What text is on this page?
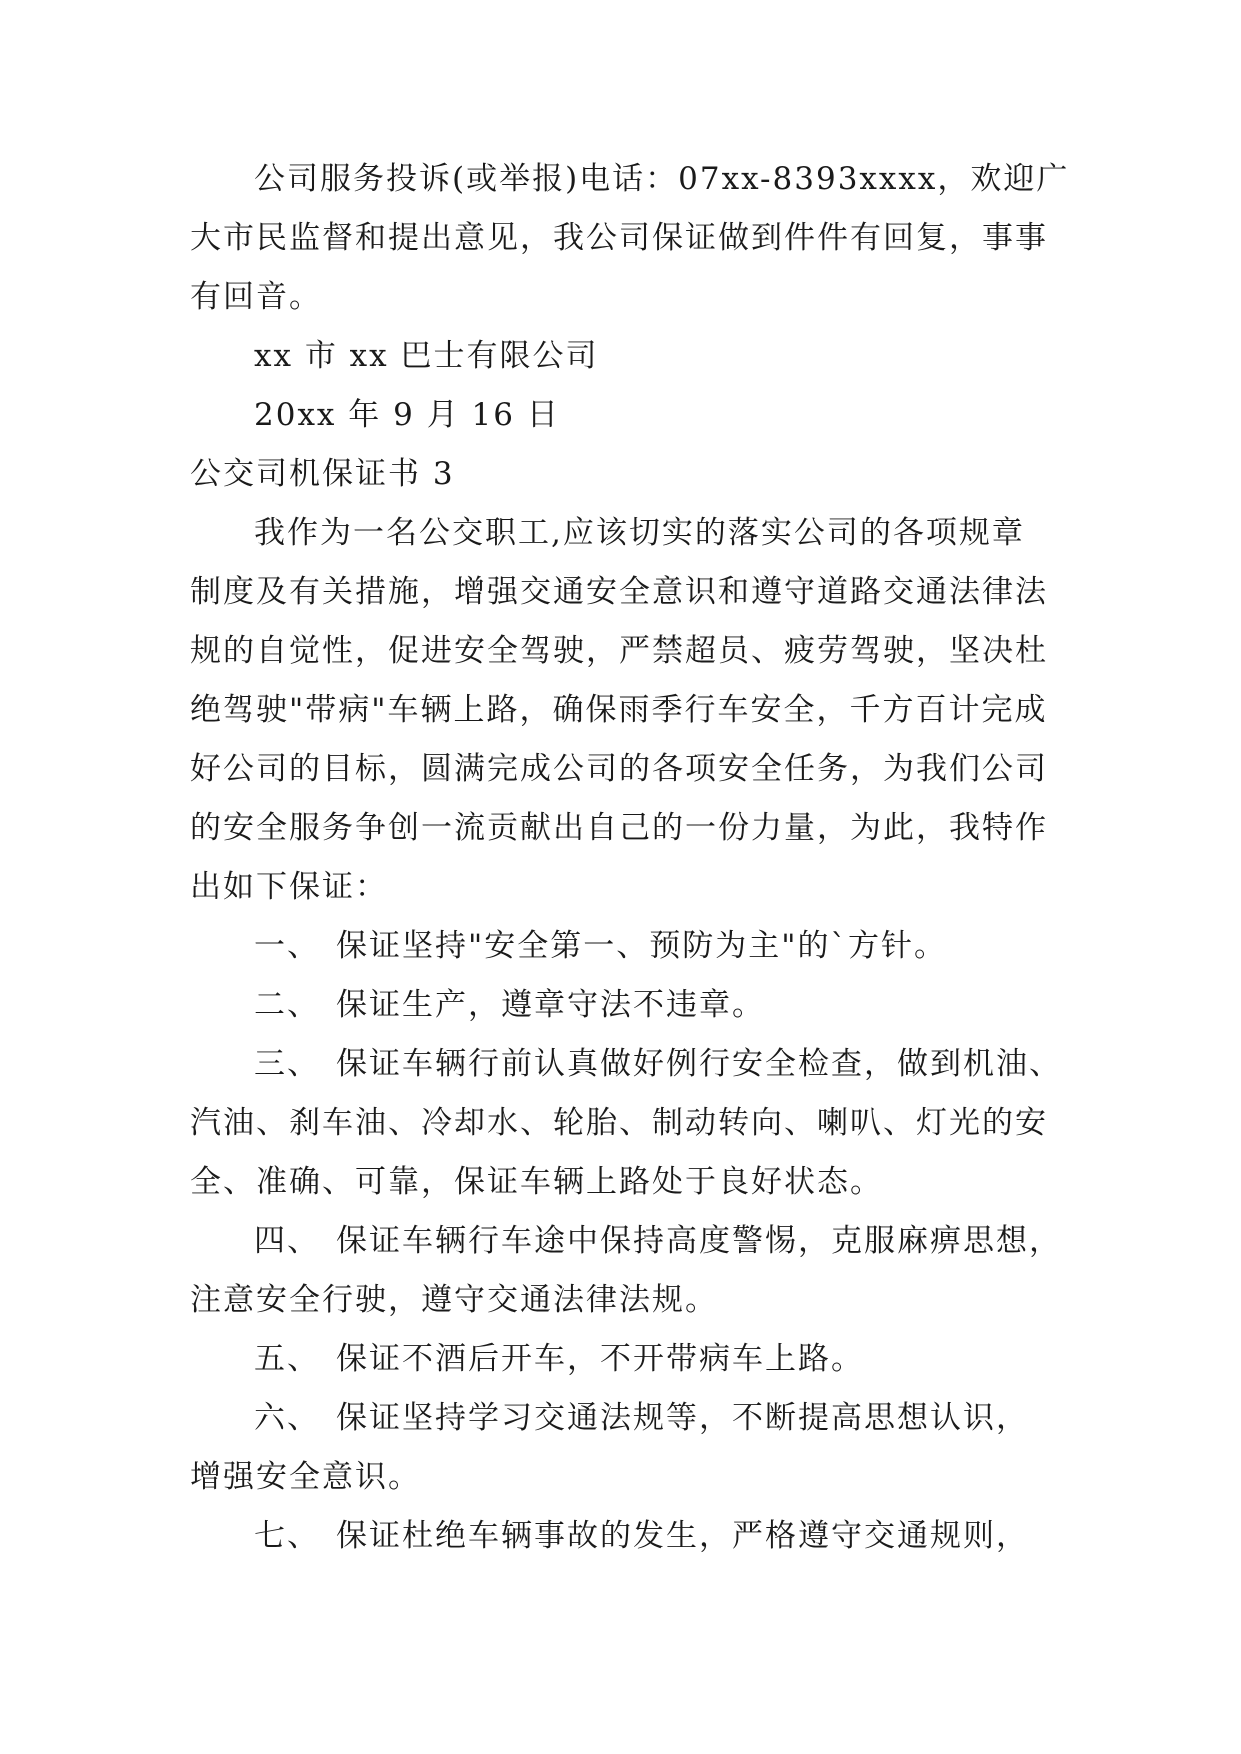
公司服务投诉(或举报)电话：07xx-8393xxxx，欢迎广

大市民监督和提出意见，我公司保证做到件件有回复，事事

有回音。

xx 市 xx 巴士有限公司

20xx 年 9 月 16 日

公交司机保证书 3

我作为一名公交职工,应该切实的落实公司的各项规章

制度及有关措施，增强交通安全意识和遵守道路交通法律法

规的自觉性，促进安全驾驶，严禁超员、疲劳驾驶，坚决杜

绝驾驶"带病"车辆上路，确保雨季行车安全，千方百计完成

好公司的目标，圆满完成公司的各项安全任务，为我们公司

的安全服务争创一流贡献出自己的一份力量，为此，我特作

出如下保证：

一、 保证坚持"安全第一、预防为主"的`方针。

二、 保证生产，遵章守法不违章。

三、 保证车辆行前认真做好例行安全检查，做到机油、

汽油、刹车油、冷却水、轮胎、制动转向、喇叭、灯光的安

全、准确、可靠，保证车辆上路处于良好状态。

四、 保证车辆行车途中保持高度警惕，克服麻痹思想，

注意安全行驶，遵守交通法律法规。

五、 保证不酒后开车，不开带病车上路。

六、 保证坚持学习交通法规等，不断提高思想认识，

增强安全意识。

七、 保证杜绝车辆事故的发生，严格遵守交通规则，
